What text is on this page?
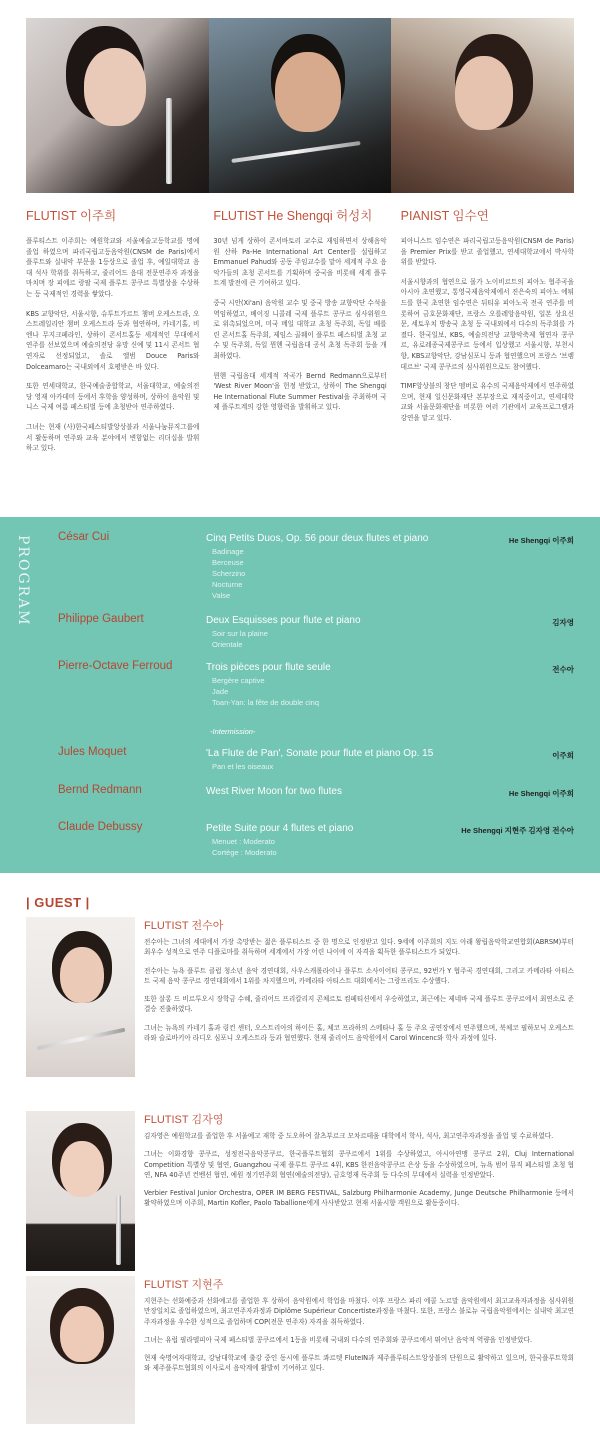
FLUTIST 이주희

플루티스트 이주희는 예원학교와 서울예술고등학교를 명예졸업 하였으며 파리국립고등음악원(CNSM de Paris)에서 플루트와 실내악 부문을 1등상으로 졸업 후, 예일대학교 음대 석사 학위를 취득하고, 줄리어드 음대 전문연주자 과정을 마치며 장 피에르 랑팔 국제 플루트 콩쿠르 특별상을 수상하는 등 국제적인 경력을 쌓았다.

KBS 교향악단, 서울시향, 슈투트가르트 챔버 오케스트라, 오스트레일리안 챔버 오케스트라 등과 협연하며, 카네기홀, 비엔나 무지크페라인, 상하이 콘서트홀등 세계적인 무대에서 연주를 선보였으며 예술의전당 유망 신예 및 11시 콘서트 협연자로 선정되었고, 솔로 앨범 Douce Paris와 Dolceamaro는 국내외에서 호평받은 바 있다.

또한 연세대학교, 한국예술종합학교, 서울대학교, 예술의전당 영재 아카데미 등에서 후학을 양성하며, 상하이 음악원 및 니스 국제 여름 페스티벌 등에 초청받아 연주하였다.

그녀는 현재 (사)한국페스티발앙상블과 서울나눔뮤직그룹에서 활동하며 연주와 교육 분야에서 변함없는 리더십을 발휘하고 있다.

FLUTIST He Shengqi 허성치

30년 넘게 상하이 콘서바토리 교수로 재임하면서 상해음악원 산하 Pa-He International Art Center를 설립하고 Emmanuel Pahud와 공동 주임교수를 맡아 세계적 주요 음악가들의 초청 콘서트를 기획하며 중국을 비롯해 세계 플루트계 발전에 큰 기여하고 있다.

중국 시안(Xi'an) 음악원 교수 및 중국 방송 교향악단 수석을 역임하였고, 베이징 니콜레 국제 플루트 콩쿠르 심사위원으로 위촉되었으며, 미국 메일 대학교 초청 독주회, 독일 베를린 콘서트홀 독주회, 제임스 골웨이 플루트 페스티벌 초청 교수 및 독주회, 독일 뮌헨 국립음대 공식 초청 독주회 등을 개최하였다.

뮌헨 국립음대 세계적 작곡가 Bernd Redmann으로부터 'West River Moon'을 헌정 받았고, 상하이 The Shengqi He International Flute Summer Festival을 주최하며 국제 플루트계의 강한 영향력을 발휘하고 있다.

PIANIST 임수연

피아니스트 임수연은 파리국립고등음악원(CNSM de Paris)을 Premier Prix를 받고 졸업했고, 연세대학교에서 박사학위를 받았다.

서울시향과의 협연으로 몰가 노이비르트의 피아노 협주곡을 아시아 초연했고, 통영국제음악제에서 진은숙의 피아노 에튀드를 한국 초연한 임수연은 뒤티유 피아노곡 전곡 연주를 비롯하여 금호문화재단, 프랑스 오를레앙음악원, 일본 상요신문, 세토우치 방송국 초청 등 국내외에서 다수의 독주회를 가졌다. 한국일보, KBS, 예술의전당 교향악축제 협연자 콩쿠르, 유로레종국제콩쿠르 등에서 입상했고 서울시향, 부천시향, KBS교향악단, 강남심포니 등과 협연했으며 프랑스 '브렘데르브' 국제 콩쿠르의 심사위원으로도 참여했다.

TIMF앙상블의 창단 멤버로 유수의 국제음악제에서 연주하였으며, 현재 일신문화재단 본부장으로 재직중이고, 연세대학교와 서울문화재단을 비롯한 여러 기관에서 교육프로그램과 강연을 맡고 있다.

PROGRAM César Cui	Cinq Petits Duos, Op. 56 pour deux flutes et piano	He Shengqi 이주희
Badinage
Berceuse
Scherzino
Nocturne
Valse
Philippe Gaubert	Deux Esquisses pour flute et piano	김자영
Soir sur la plaine
Orientale
Pierre-Octave Ferroud	Trois pièces pour flute seule	전수아
Bergère captive
Jade
Toan-Yan: la fête de double cinq
-Intermission-
Jules Moquet	'La Flute de Pan', Sonate pour flute et piano Op. 15	이주희
Pan et les oiseaux
Bernd Redmann	West River Moon for two flutes	He Shengqi 이주희
Claude Debussy	Petite Suite pour 4 flutes et piano	He Shengqi 지현주 김자영 전수아
Menuet : Moderato
Cortège : Moderato
| GUEST |
FLUTIST 전수아

전수아는 그녀의 세대에서 가장 촉망받는 젊은 플루티스트 중 한 명으로 인정받고 있다. 9세에 이주희의 지도 아래 왕립음악학교연합회(ABRSM)부터 최우수 성적으로 연주 디플로마를 취득하며 세계에서 가장 어린 나이에 이 자격을 획득한 플루티스트가 되었다.

전수아는 뉴욕 플루트 클럽 청소년 음악 경연대회, 사우스캐롤라이나 플루트 소사이어티 콩쿠르, 92번가 Y 협주곡 경연대회, 그리고 카메라타 아티스트 국제 음악 콩쿠르 경연대회에서 1위를 차지했으며, 카메라타 아티스트 대회에서는 그랑프리도 수상했다.

또한 살롱 드 비르투오시 장학금 수혜, 줄리어드 프리칼리지 콘체르토 컴페티션에서 우승하였고, 최근에는 제네바 국제 플루트 콩쿠르에서 최연소로 준결승 진출하였다.

그녀는 뉴욕의 카네기 홀과 링컨 센터, 오스트리아의 하이든 홀, 체코 프라하의 스메타나 홀 등 주요 공연장에서 연주했으며, 북체코 필하모닉 오케스트라와 슬로바키아 라디오 심포니 오케스트라 등과 협연했다. 현재 줄리어드 음악원에서 Carol Wincenc와 학사 과정에 있다.

FLUTIST 김자영

김자영은 예원학교를 졸업한 후 서울예고 재학 중 도오하여 잘츠부르크 모차르테움 대학에서 학사, 석사, 최고연주자과정을 졸업 및 수료하였다.

그녀는 이화경향 콩쿠르, 성정전국음악콩쿠르, 한국플루트협회 콩쿠르에서 1위를 수상하였고, 아시아연맹 콩쿠르 2위, Cluj International Competition 특별상 및 협연, Guangzhou 국제 플루트 콩쿠르 4위, KBS 한전음악콩쿠르 은상 등을 수상하였으며, 뉴욕 범어 뮤직 페스티벌 초청 협연, NFA 40주년 컨벤션 협연, 예원 정기연주회 협연(예술의전당), 금호영재 독주회 등 다수의 무대에서 실력을 인정받았다.

Verbier Festival Junior Orchestra, OPER IM BERG FESTIVAL, Salzburg Philharmonie Academy, Junge Deutsche Philharmonie 등에서 활약하였으며 이주희, Martin Kofler, Paolo Taballione에게 사사받았고 현재 서울시향 객원으로 활동중이다.

FLUTIST 지현주

지현주는 선화예중과 선화예고를 졸업한 후 상하이 음악원에서 학업을 마쳤다. 이후 프랑스 파리 에콜 노르말 음악원에서 최고교육자과정을 심사위원 만장일치로 졸업하였으며, 최고연주자과정과 Diplôme Supérieur Concertiste과정을 마쳤다. 또한, 프랑스 불로뉴 국립음악원에서는 실내악 최고연주자과정을 우수한 성적으로 졸업하며 COP(전문 연주자) 자격을 취득하였다.

그녀는 유럽 필라델피아 국제 페스티벌 콩쿠르에서 1등을 비롯해 국내외 다수의 연주회와 콩쿠르에서 뛰어난 음악적 역량을 인정받았다.

현재 숙명여자대학교, 강남대학교에 출강 중인 동시에 플루트 콰르텟 FluteIN과 제주플루티스트앙상블의 단원으로 활약하고 있으며, 한국플루트학회와 제주플루트협회의 이사로서 음악계에 활발히 기여하고 있다.
